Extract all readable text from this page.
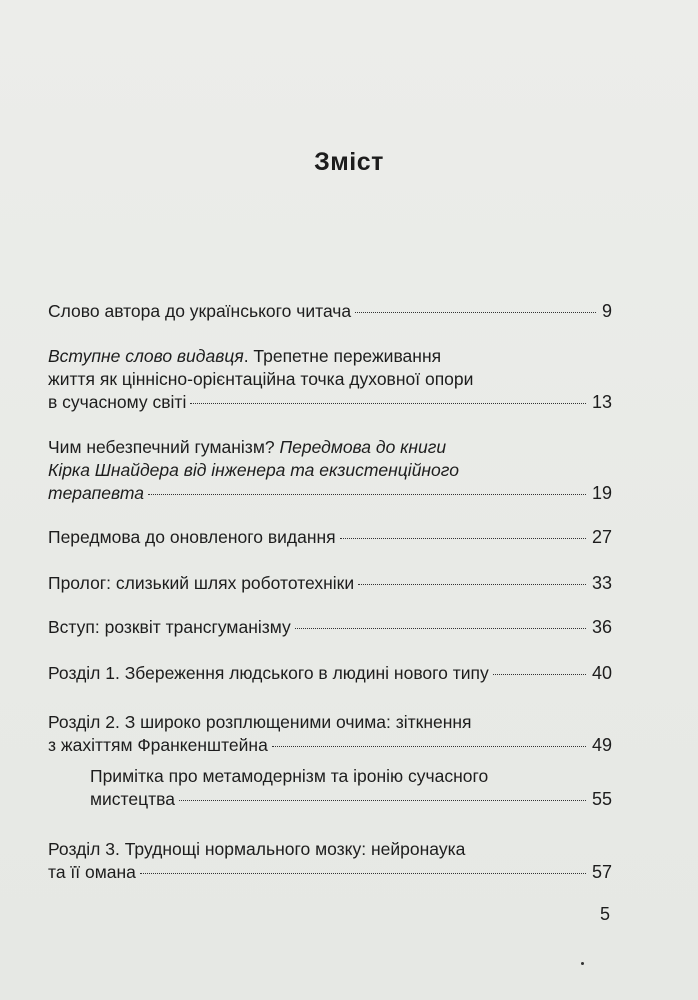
Зміст
Слово автора до українського читача	9
Вступне слово видавця. Трепетне переживання
життя як ціннісно-орієнтаційна точка духовної опори
в сучасному світі	13
Чим небезпечний гуманізм? Передмова до книги
Кірка Шнайдера від інженера та екзистенційного
терапевта	19
Передмова до оновленого видання	27
Пролог: слизький шлях робототехніки	33
Вступ: розквіт трансгуманізму	36
Розділ 1. Збереження людського в людині нового типу	40
Розділ 2. З широко розплющеними очима: зіткнення
з жахіттям Франкенштейна	49
Примітка про метамодернізм та іронію сучасного
мистецтва	55
Розділ 3. Труднощі нормального мозку: нейронаука
та її омана	57
5
